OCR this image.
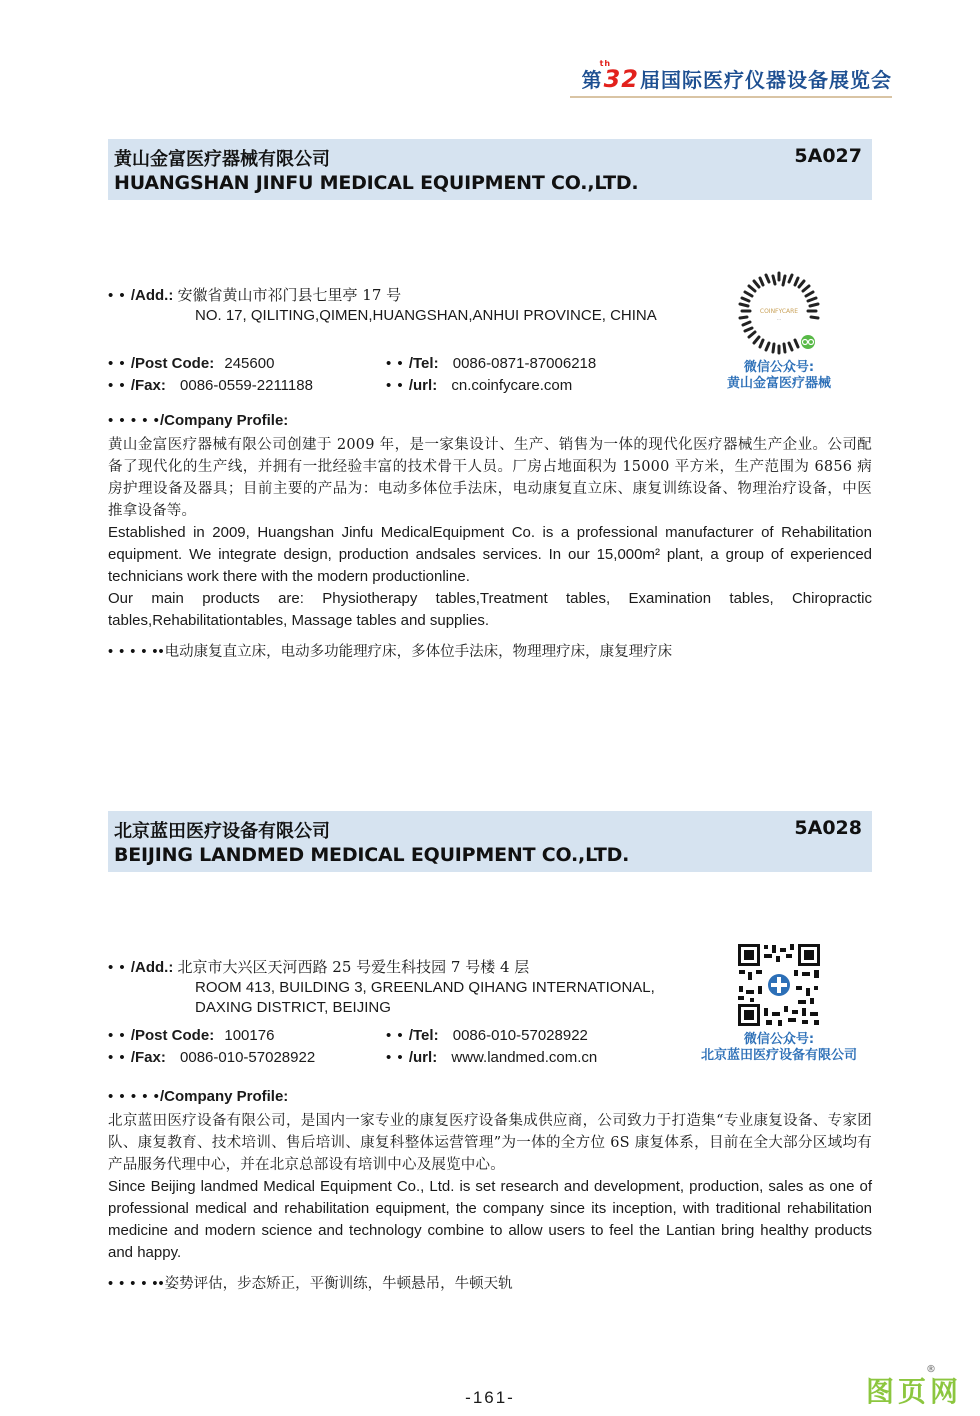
第
th
32 届国际医疗仪器设备展览会
黄山金富医疗器械有限公司
HUANGSHAN JINFU MEDICAL EQUIPMENT CO.,LTD.
5A027
• • /Add.: 安徽省黄山市祁门县七里亭 17 号
NO. 17, QILITING,QIMEN,HUANGSHAN,ANHUI PROVINCE, CHINA
• • /Post Code: 245600	• • /Tel: 0086-0871-87006218
• • /Fax: 0086-0559-2211188	• • /url: cn.coinfycare.com
COINFYCARE
···
微信公众号:
黄山金富医疗器械
• • • • •/Company Profile:
黄山金富医疗器械有限公司创建于 2009 年，是一家集设计、生产、销售为一体的现代化医疗器械生产企业。公司配备了现代化的生产线，并拥有一批经验丰富的技术骨干人员。厂房占地面积为 15000 平方米，生产范围为 6856 病房护理设备及器具；目前主要的产品为：电动多体位手法床，电动康复直立床、康复训练设备、物理治疗设备，中医推拿设备等。
Established in 2009, Huangshan Jinfu MedicalEquipment Co. is a professional manufacturer of Rehabilitation equipment. We integrate design, production andsales services. In our 15,000m² plant, a group of experienced technicians work there with the modern productionline.
Our main products are: Physiotherapy tables,Treatment tables, Examination tables, Chiropractic tables,Rehabilitationtables, Massage tables and supplies.
• • • • ••电动康复直立床，电动多功能理疗床，多体位手法床，物理理疗床，康复理疗床
北京蓝田医疗设备有限公司
BEIJING LANDMED MEDICAL EQUIPMENT CO.,LTD.
5A028
• • /Add.: 北京市大兴区天河西路 25 号爱生科技园 7 号楼 4 层
ROOM 413, BUILDING 3, GREENLAND QIHANG INTERNATIONAL, DAXING DISTRICT, BEIJING
• • /Post Code: 100176	• • /Tel: 0086-010-57028922
• • /Fax: 0086-010-57028922	• • /url: www.landmed.com.cn
微信公众号:
北京蓝田医疗设备有限公司
• • • • •/Company Profile:
北京蓝田医疗设备有限公司，是国内一家专业的康复医疗设备集成供应商，公司致力于打造集“专业康复设备、专家团队、康复教育、技术培训、售后培训、康复科整体运营管理”为一体的全方位 6S 康复体系，目前在全大部分区域均有产品服务代理中心，并在北京总部设有培训中心及展览中心。
Since Beijing landmed Medical Equipment Co., Ltd. is set research and development, production, sales as one of professional medical and rehabilitation equipment, the company since its inception, with traditional rehabilitation medicine and modern science and technology combine to allow users to feel the Lantian bring healthy products and happy.
• • • • ••姿势评估，步态矫正，平衡训练，牛顿悬吊，牛顿天轨
-161-	图页网
®
